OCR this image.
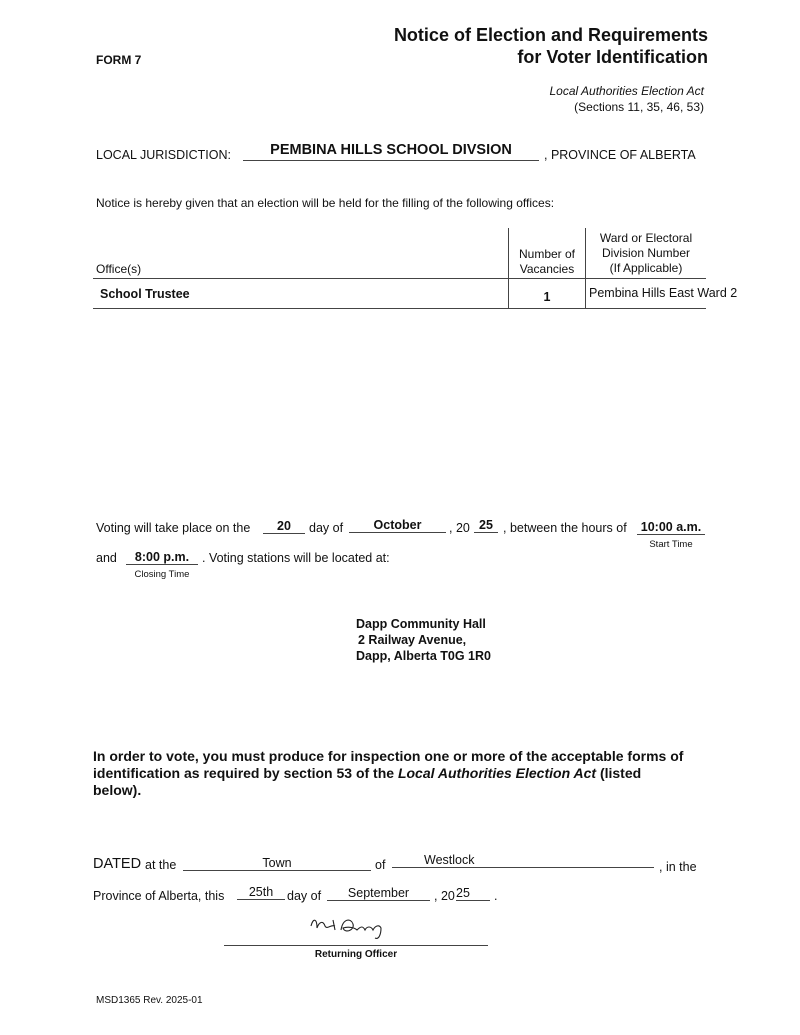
FORM 7
Notice of Election and Requirements
for Voter Identification
Local Authorities Election Act
(Sections 11, 35, 46, 53)
LOCAL JURISDICTION:	PEMBINA HILLS SCHOOL DIVSION	, PROVINCE OF ALBERTA
Notice is hereby given that an election will be held for the filling of the following offices:
Office(s)
Number of
Vacancies
Ward or Electoral
Division Number
(If Applicable)
School Trustee	1	Pembina Hills East Ward 2
Voting will take place on the	20	day of	October	, 20 25 , between the hours of	10:00 a.m.
Start Time
and	8:00 p.m.
Closing Time
. Voting stations will be located at:
Dapp Community Hall
2 Railway Avenue,
Dapp, Alberta T0G 1R0
In order to vote, you must produce for inspection one or more of the acceptable forms of identification as required by section 53 of the Local Authorities Election Act (listed below).
DATED at the	Town	of	Westlock	, in the
Province of Alberta, this	25th	day of	September	, 20 25	.
Returning Officer
MSD1365 Rev. 2025-01
